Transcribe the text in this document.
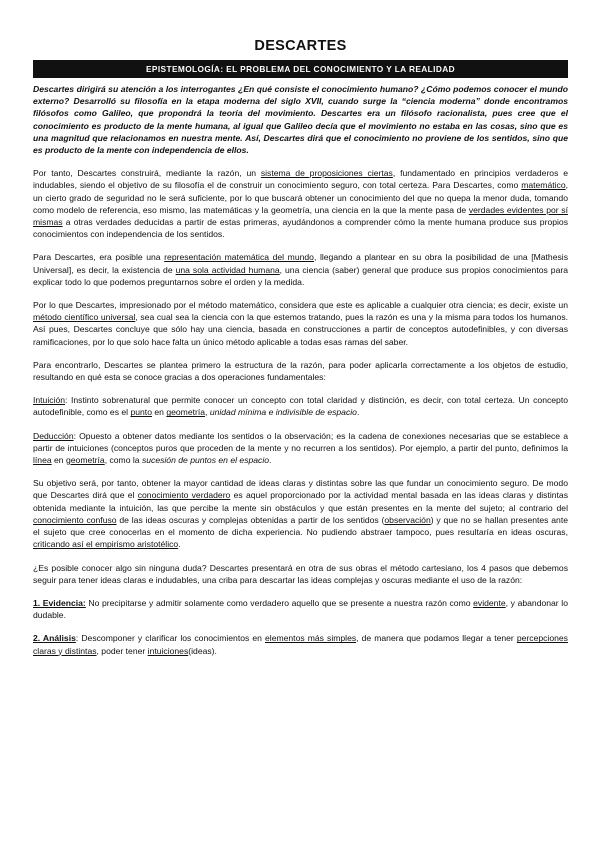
DESCARTES
EPISTEMOLOGÍA: EL PROBLEMA DEL CONOCIMIENTO Y LA REALIDAD

Descartes dirigirá su atención a los interrogantes ¿En qué consiste el conocimiento humano? ¿Cómo podemos conocer el mundo externo? Desarrolló su filosofía en la etapa moderna del siglo XVII, cuando surge la “ciencia moderna” donde encontramos filósofos como Galileo, que propondrá la teoría del movimiento. Descartes era un filósofo racionalista, pues cree que el conocimiento es producto de la mente humana, al igual que Galileo decía que el movimiento no estaba en las cosas, sino que es una magnitud que relacionamos en nuestra mente. Así, Descartes dirá que el conocimiento no proviene de los sentidos, sino que es producto de la mente con independencia de ellos.

Por tanto, Descartes construirá, mediante la razón, un sistema de proposiciones ciertas, fundamentado en principios verdaderos e indudables, siendo el objetivo de su filosofía el de construir un conocimiento seguro, con total certeza. Para Descartes, como matemático, un cierto grado de seguridad no le será suficiente, por lo que buscará obtener un conocimiento del que no quepa la menor duda, tomando como modelo de referencia, eso mismo, las matemáticas y la geometría, una ciencia en la que la mente pasa de verdades evidentes por sí mismas a otras verdades deducidas a partir de estas primeras, ayudándonos a comprender cómo la mente humana produce sus propios conocimientos con independencia de los sentidos.

Para Descartes, era posible una representación matemática del mundo, llegando a plantear en su obra la posibilidad de una [Mathesis Universal], es decir, la existencia de una sola actividad humana, una ciencia (saber) general que produce sus propios conocimientos para explicar todo lo que podemos preguntarnos sobre el orden y la medida.

Por lo que Descartes, impresionado por el método matemático, considera que este es aplicable a cualquier otra ciencia; es decir, existe un método científico universal, sea cual sea la ciencia con la que estemos tratando, pues la razón es una y la misma para todos los humanos. Así pues, Descartes concluye que sólo hay una ciencia, basada en construcciones a partir de conceptos autodefinibles, y con diversas ramificaciones, por lo que solo hace falta un único método aplicable a todas esas ramas del saber.

Para encontrarlo, Descartes se plantea primero la estructura de la razón, para poder aplicarla correctamente a los objetos de estudio, resultando en qué esta se conoce gracias a dos operaciones fundamentales:

Intuición: Instinto sobrenatural que permite conocer un concepto con total claridad y distinción, es decir, con total certeza. Un concepto autodefinible, como es el punto en geometría, unidad mínima e indivisible de espacio.

Deducción: Opuesto a obtener datos mediante los sentidos o la observación; es la cadena de conexiones necesarias que se establece a partir de intuiciones (conceptos puros que proceden de la mente y no recurren a los sentidos). Por ejemplo, a partir del punto, definimos la línea en geometría, como la sucesión de puntos en el espacio.

Su objetivo será, por tanto, obtener la mayor cantidad de ideas claras y distintas sobre las que fundar un conocimiento seguro. De modo que Descartes dirá que el conocimiento verdadero es aquel proporcionado por la actividad mental basada en las ideas claras y distintas obtenida mediante la intuición, las que percibe la mente sin obstáculos y que están presentes en la mente del sujeto; al contrario del conocimiento confuso de las ideas oscuras y complejas obtenidas a partir de los sentidos (observación) y que no se hallan presentes ante el sujeto que cree conocerlas en el momento de dicha experiencia. No pudiendo abstraer tampoco, pues resultaría en ideas oscuras, criticando así el empirismo aristotélico.

¿Es posible conocer algo sin ninguna duda? Descartes presentará en otra de sus obras el método cartesiano, los 4 pasos que debemos seguir para tener ideas claras e indudables, una criba para descartar las ideas complejas y oscuras mediante el uso de la razón:

1. Evidencia: No precipitarse y admitir solamente como verdadero aquello que se presente a nuestra razón como evidente, y abandonar lo dudable.

2. Análisis: Descomponer y clarificar los conocimientos en elementos más simples, de manera que podamos llegar a tener percepciones claras y distintas, poder tener intuiciones(ideas).
